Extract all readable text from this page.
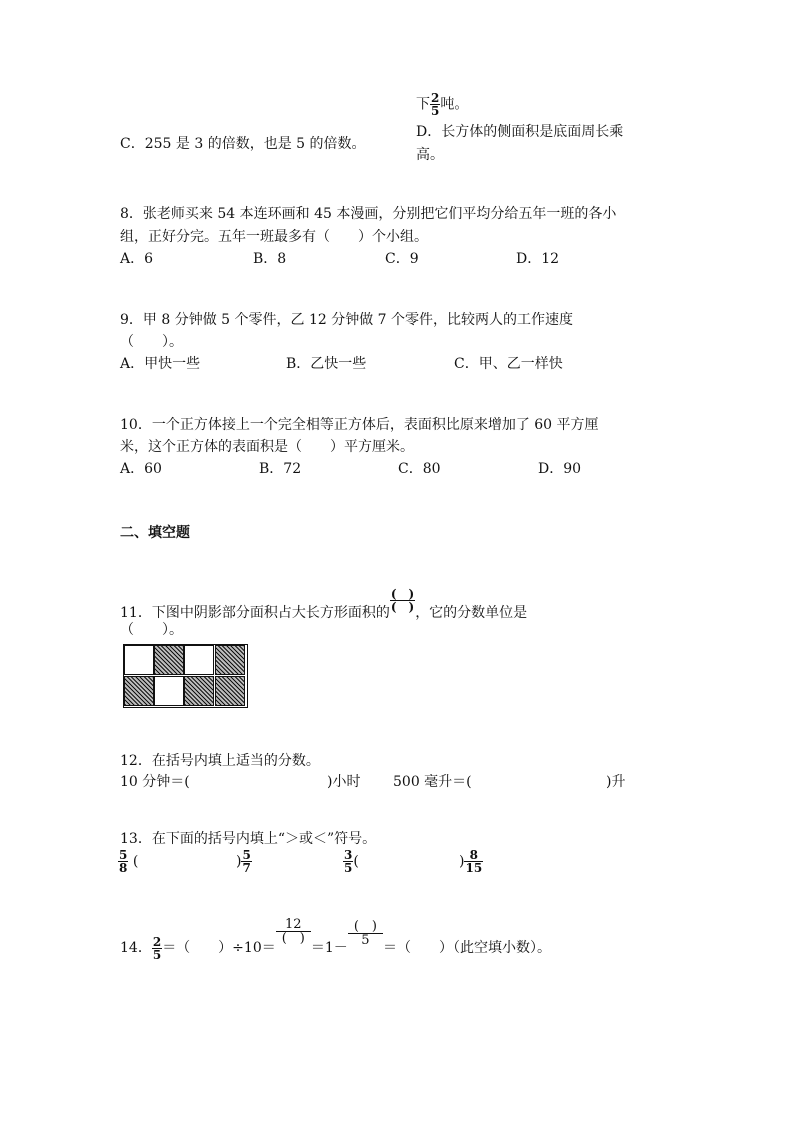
下 $\frac{2}{5}$ 吨。
C．255 是 3 的倍数，也是 5 的倍数。
D．长方体的侧面积是底面周长乘
高。
8．张老师买来 54 本连环画和 45 本漫画，分别把它们平均分给五年一班的各小
组，正好分完。五年一班最多有（　　）个小组。
A．6	B．8	C．9	D．12
9．甲 8 分钟做 5 个零件，乙 12 分钟做 7 个零件，比较两人的工作速度
（　　）。
A．甲快一些	B．乙快一些	C．甲、乙一样快
10．一个正方体接上一个完全相等正方体后，表面积比原来增加了 60 平方厘
米，这个正方体的表面积是（　　）平方厘米。
A．60	B．72	C．80	D．90
二、填空题
11．下图中阴影部分面积占大长方形面积的 $\frac{( )}{( )}$ ，它的分数单位是
（　　）。
12．在括号内填上适当的分数。
10 分钟＝(	)小时 500 毫升＝(	)升
13．在下面的括号内填上“＞或＜”符号。
$\frac{5}{8}$ (	) $\frac{5}{7}$	$\frac{3}{5}$ (	) $\frac{8}{15}$
14． $\frac{2}{5}$ ＝（　　）÷10＝
$\frac{12}{( )}$
＝1－
$\frac{( )}{5}$
＝（　　）（此空填小数）。
